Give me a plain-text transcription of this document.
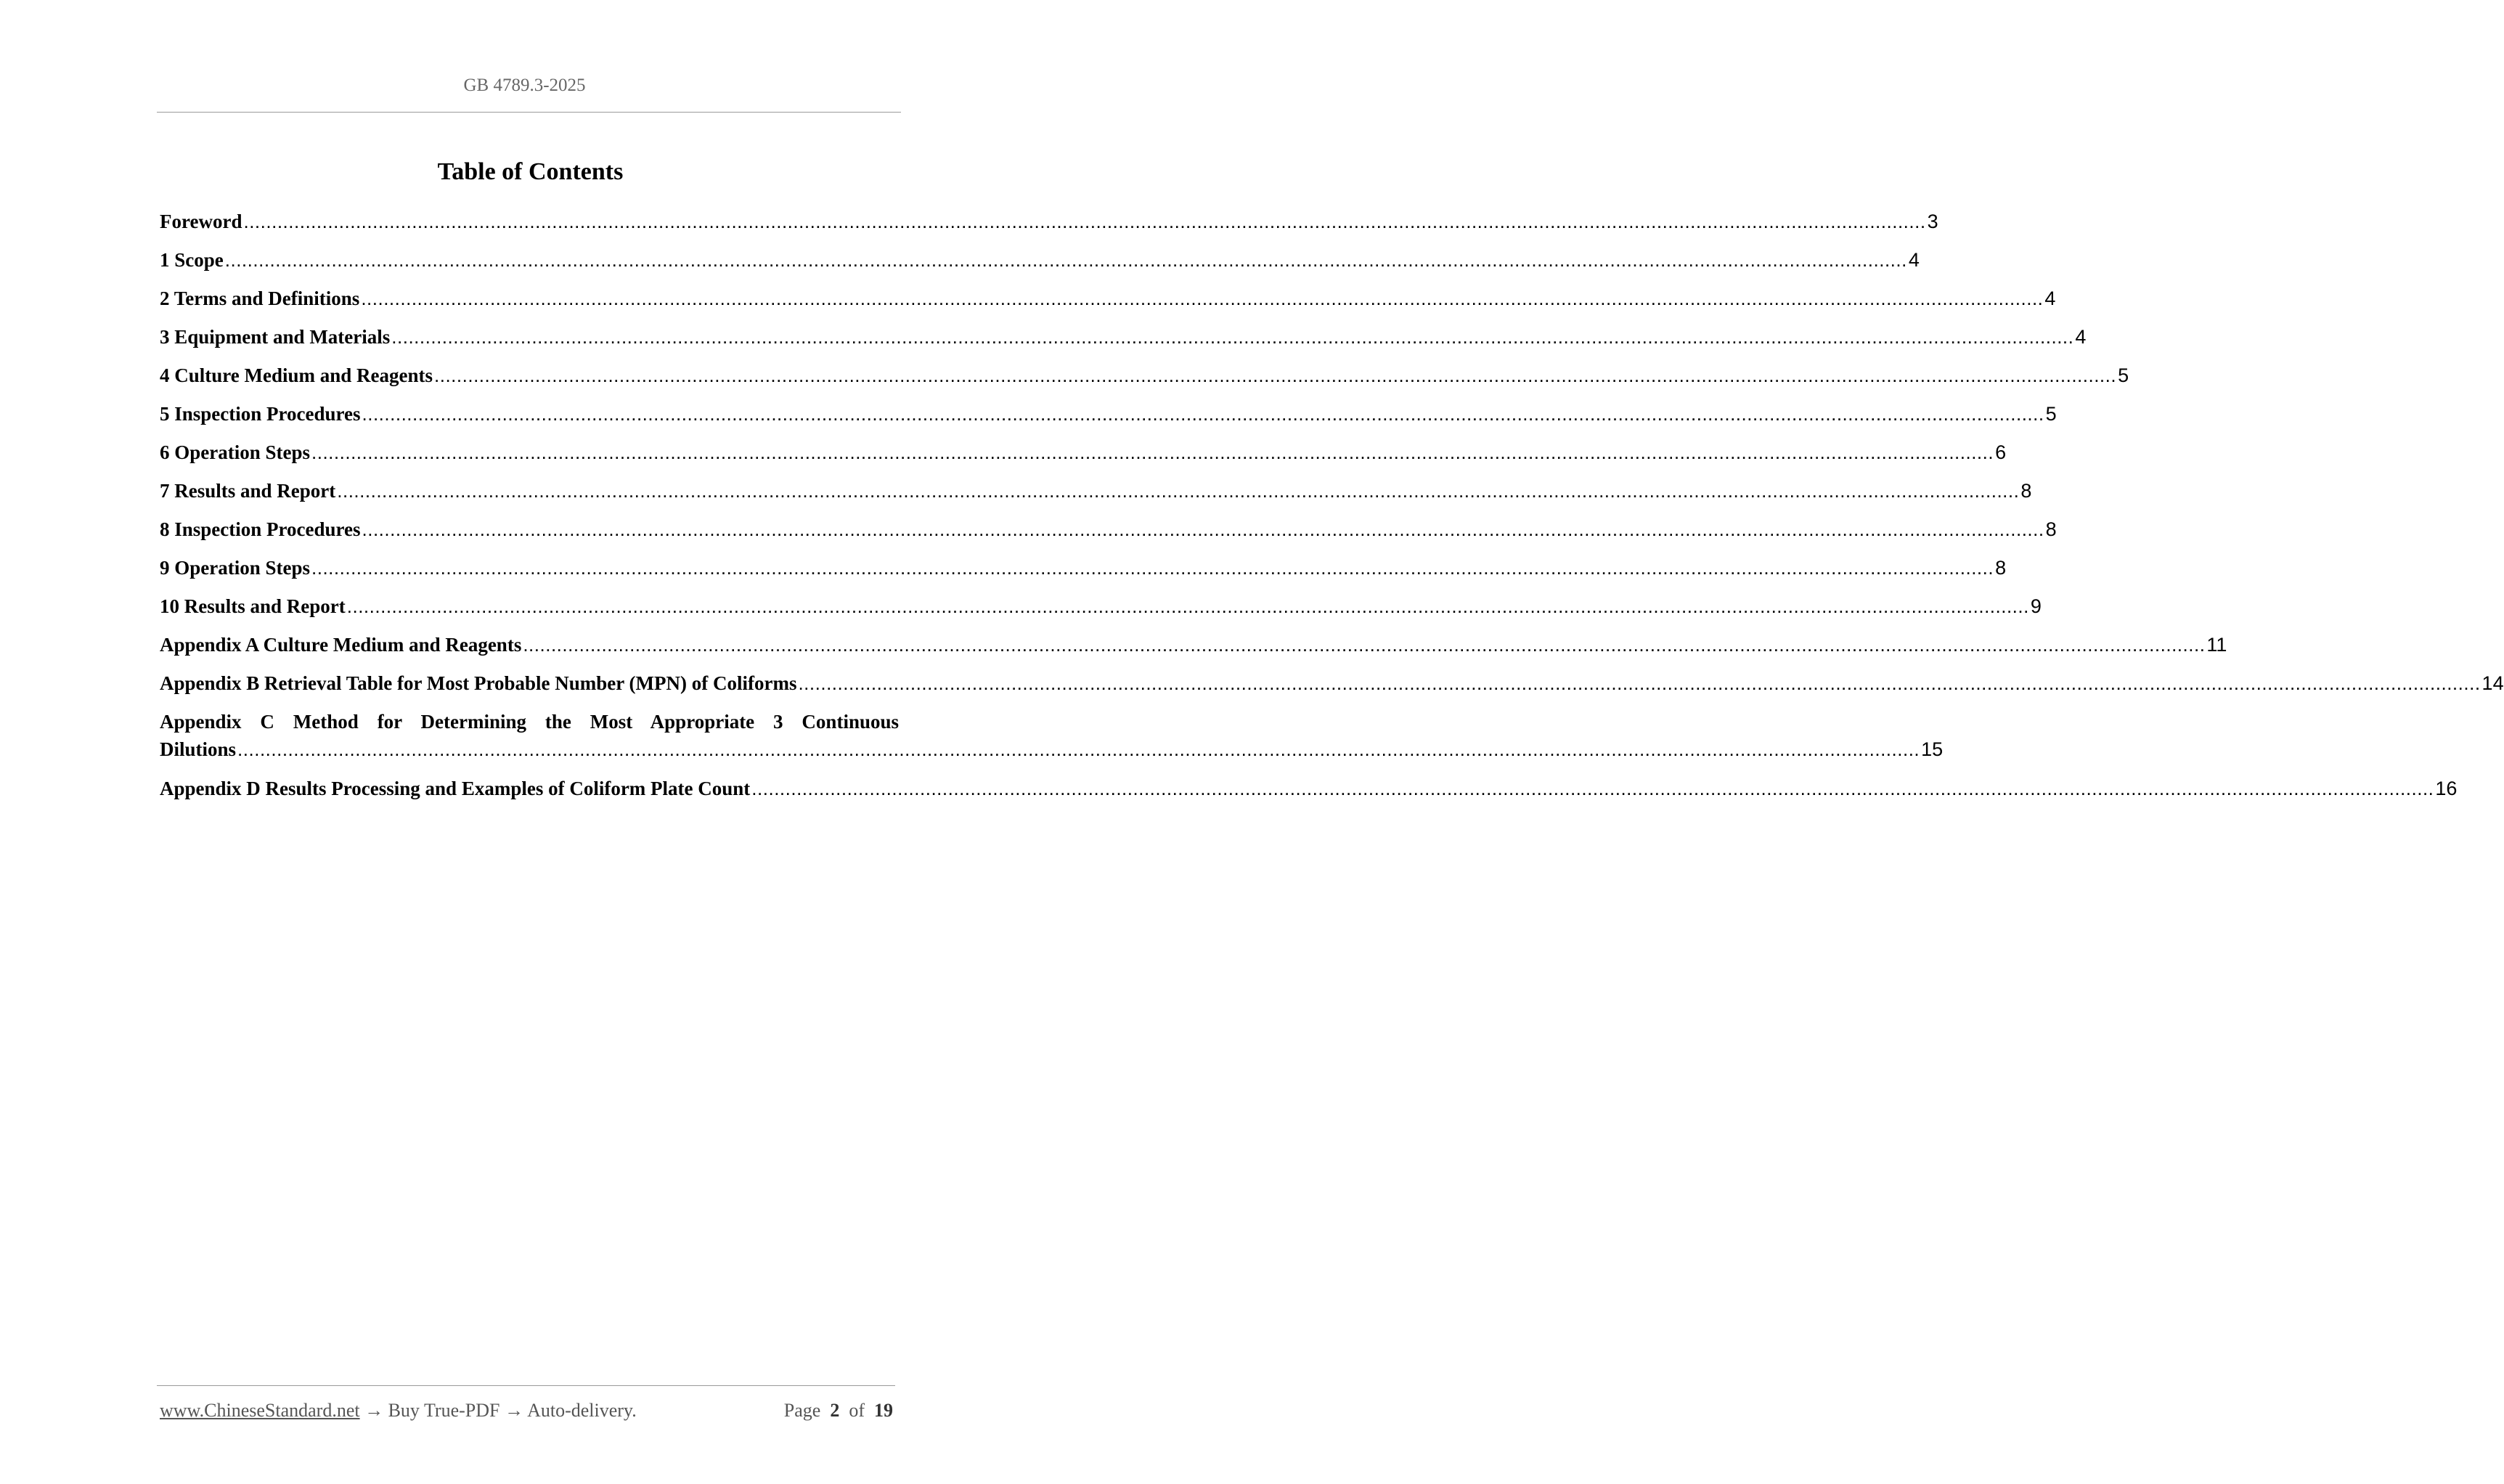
GB 4789.3-2025
Table of Contents
Foreword ............................................................................................................................................................................................................................................................................................................ 3
1 Scope ............................................................................................................................................................................................................................................................................................................ 4
2 Terms and Definitions ............................................................................................................................................................................................................................................................................................................ 4
3 Equipment and Materials ............................................................................................................................................................................................................................................................................................................ 4
4 Culture Medium and Reagents ............................................................................................................................................................................................................................................................................................................ 5
5 Inspection Procedures ............................................................................................................................................................................................................................................................................................................ 5
6 Operation Steps ............................................................................................................................................................................................................................................................................................................ 6
7 Results and Report ............................................................................................................................................................................................................................................................................................................ 8
8 Inspection Procedures ............................................................................................................................................................................................................................................................................................................ 8
9 Operation Steps ............................................................................................................................................................................................................................................................................................................ 8
10 Results and Report ............................................................................................................................................................................................................................................................................................................ 9
Appendix A Culture Medium and Reagents ............................................................................................................................................................................................................................................................................................................ 11
Appendix B Retrieval Table for Most Probable Number (MPN) of Coliforms ............................................................................................................................................................................................................................................................................................................ 14
Appendix C Method for Determining the Most Appropriate 3 Continuous
Dilutions ............................................................................................................................................................................................................................................................................................................ 15
Appendix D Results Processing and Examples of Coliform Plate Count ............................................................................................................................................................................................................................................................................................................ 16
www.ChineseStandard.net → Buy True-PDF → Auto-delivery.	Page 2 of 19
